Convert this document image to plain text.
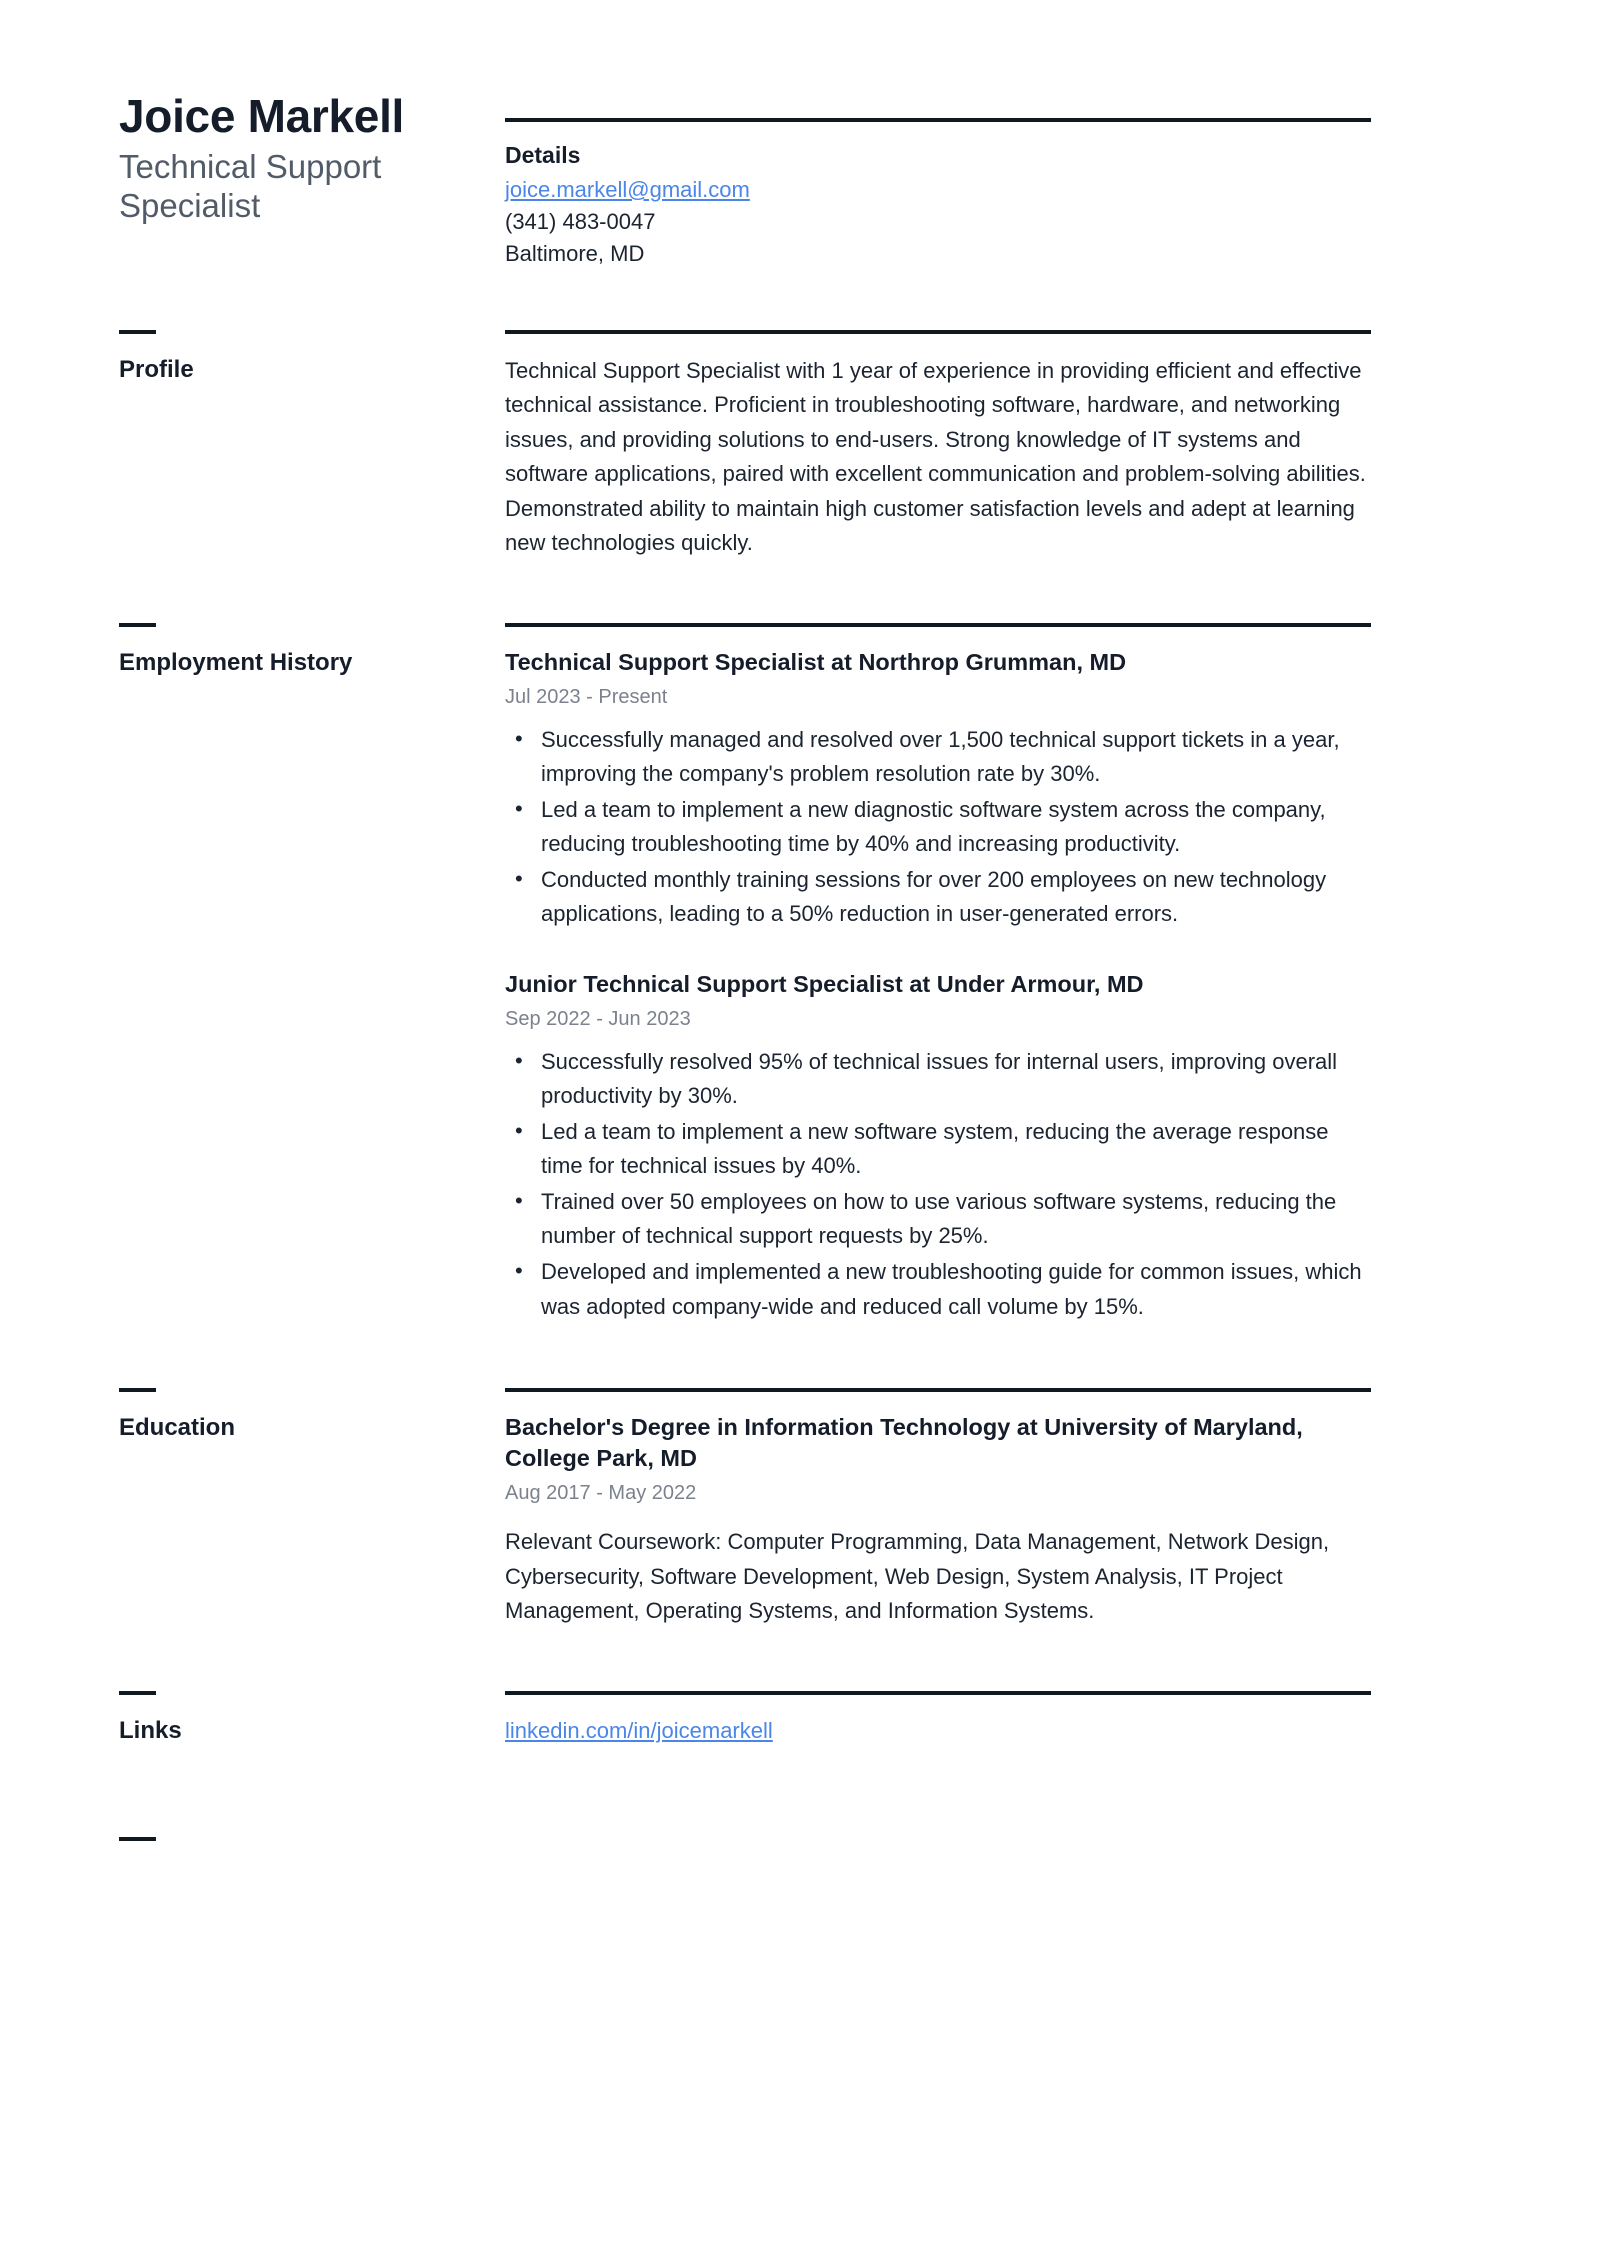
Joice Markell
Technical Support Specialist
Details
joice.markell@gmail.com
(341) 483-0047
Baltimore, MD
Profile	Technical Support Specialist with 1 year of experience in providing efficient and effective technical assistance. Proficient in troubleshooting software, hardware, and networking issues, and providing solutions to end-users. Strong knowledge of IT systems and software applications, paired with excellent communication and problem-solving abilities. Demonstrated ability to maintain high customer satisfaction levels and adept at learning new technologies quickly.

Employment History	Technical Support Specialist at Northrop Grumman, MD
Jul 2023 - Present
• Successfully managed and resolved over 1,500 technical support tickets in a year, improving the company's problem resolution rate by 30%.
• Led a team to implement a new diagnostic software system across the company, reducing troubleshooting time by 40% and increasing productivity.
• Conducted monthly training sessions for over 200 employees on new technology applications, leading to a 50% reduction in user-generated errors.
Junior Technical Support Specialist at Under Armour, MD
Sep 2022 - Jun 2023
• Successfully resolved 95% of technical issues for internal users, improving overall productivity by 30%.
• Led a team to implement a new software system, reducing the average response time for technical issues by 40%.
• Trained over 50 employees on how to use various software systems, reducing the number of technical support requests by 25%.
• Developed and implemented a new troubleshooting guide for common issues, which was adopted company-wide and reduced call volume by 15%.
Education	Bachelor's Degree in Information Technology at University of Maryland, College Park, MD
Aug 2017 - May 2022

Relevant Coursework: Computer Programming, Data Management, Network Design, Cybersecurity, Software Development, Web Design, System Analysis, IT Project Management, Operating Systems, and Information Systems.

Links	linkedin.com/in/joicemarkell
